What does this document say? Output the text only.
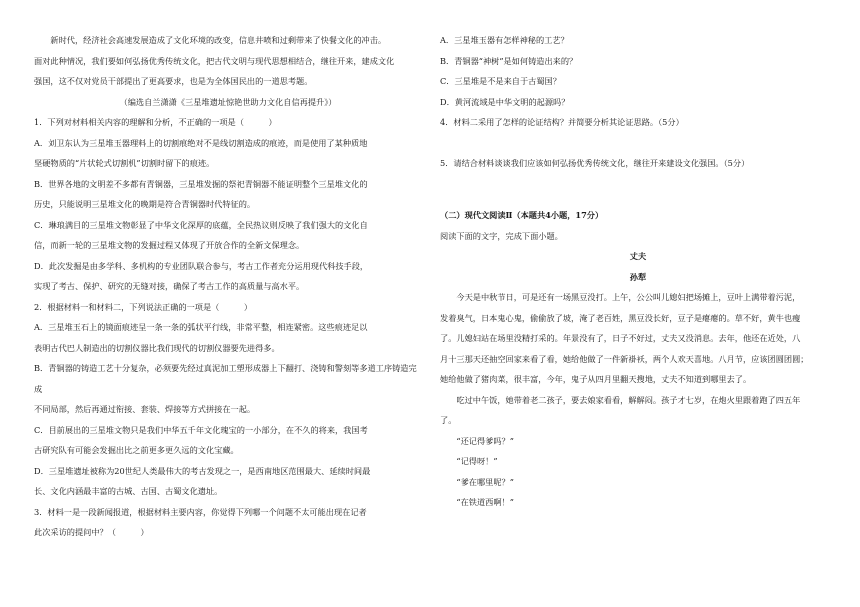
新时代，经济社会高速发展造成了文化环境的改变，信息井喷和过剩带来了快餐文化的冲击。

面对此种情况，我们要如何弘扬优秀传统文化，把古代文明与现代思想相结合，继往开来，建成文化

强国，这不仅对党员干部提出了更高要求，也是为全体国民出的一道思考题。

（编选自兰潇潇《三星堆遗址惊艳世助力文化自信再提升》）

1．下列对材料相关内容的理解和分析，不正确的一项是（　　　）

A．刘卫东认为三星堆玉器理料上的切割痕绝对不是线切割造成的痕迹，而是使用了某种质地

坚硬物质的“片状轮式切割机”切割时留下的痕迹。

B．世界各地的文明差不多都有青铜器，三星堆发掘的祭祀青铜器不能证明整个三星堆文化的

历史，只能说明三星堆文化的晚期是符合青铜器时代特征的。

C．琳琅满目的三星堆文物彰显了中华文化深厚的底蕴，全民热议则反映了我们强大的文化自

信，而新一轮的三星堆文物的发掘过程又体现了开放合作的全新文保理念。

D．此次发掘是由多学科、多机构的专业团队联合参与，考古工作者充分运用现代科技手段，

实现了考古、保护、研究的无缝对接，确保了考古工作的高质量与高水平。

2．根据材料一和材料二，下列说法正确的一项是（　　　）

A．三星堆玉石上的镜面痕迹呈一条一条的弧状平行线，非常平整，相连紧密。这些痕迹足以

表明古代巴人制造出的切割仪器比我们现代的切割仪器要先进得多。

B．青铜器的铸造工艺十分复杂，必须要先经过真泥加工塑形成器上下翻打、浇铸和警刻等多道工序铸造完成

不同局部，然后再通过衔接、套装、焊接等方式拼接在一起。

C．目前展出的三星堆文物只是我们中华五千年文化瑰宝的一小部分，在不久的将来，我国考

古研究队有可能会发掘出比之前更多更久远的文化宝藏。

D．三星堆遗址被称为20世纪人类最伟大的考古发现之一，是西南地区范围最大、延续时间最

长、文化内涵最丰富的古城、古国、古蜀文化遗址。

3．材料一是一段新闻报道，根据材料主要内容，你觉得下列哪一个问题不太可能出现在记者

此次采访的提问中？（　　　）

A．三星堆玉器有怎样神秘的工艺？

B．青铜器“神树”是如何铸造出来的？

C．三星堆是不是来自于古蜀国？

D．黄河流域是中华文明的起源吗？

4．材料二采用了怎样的论证结构？并简要分析其论证思路。（5分）

5．请结合材料谈谈我们应该如何弘扬优秀传统文化，继往开来建设文化强国。（5分）

（二）现代文阅读Ⅱ（本题共4小题，17分）

阅读下面的文字，完成下面小题。

丈夫

孙犁

今天是中秋节日，可是还有一场黑豆没打。上午，公公叫儿媳妇把场摊上，豆叶上满带着污泥，

发着臭气，日本鬼心鬼，偷偷放了坡，淹了老百姓，黑豆没长好，豆子是瘪瘪的。草不好，黄牛也瘦

了。儿媳妇站在场里没精打采的。年景没有了，日子不好过，丈夫又没消息。去年，他还在近处，八

月十三那天还抽空回家来看了看，她给他做了一件新褂袄，两个人欢天喜地。八月节，应该团圆团圆；

她给他做了猪肉菜，很丰富，今年，鬼子从四月里翻天搜地，丈夫不知道到哪里去了。

吃过中午饭，她带着老二孩子，要去娘家看看，解解闷。孩子才七岁，在炮火里跟着跑了四五年

了。

“还记得爹吗？”

“记得呀！”

“爹在哪里呢？”

“在铁道西啊！”
